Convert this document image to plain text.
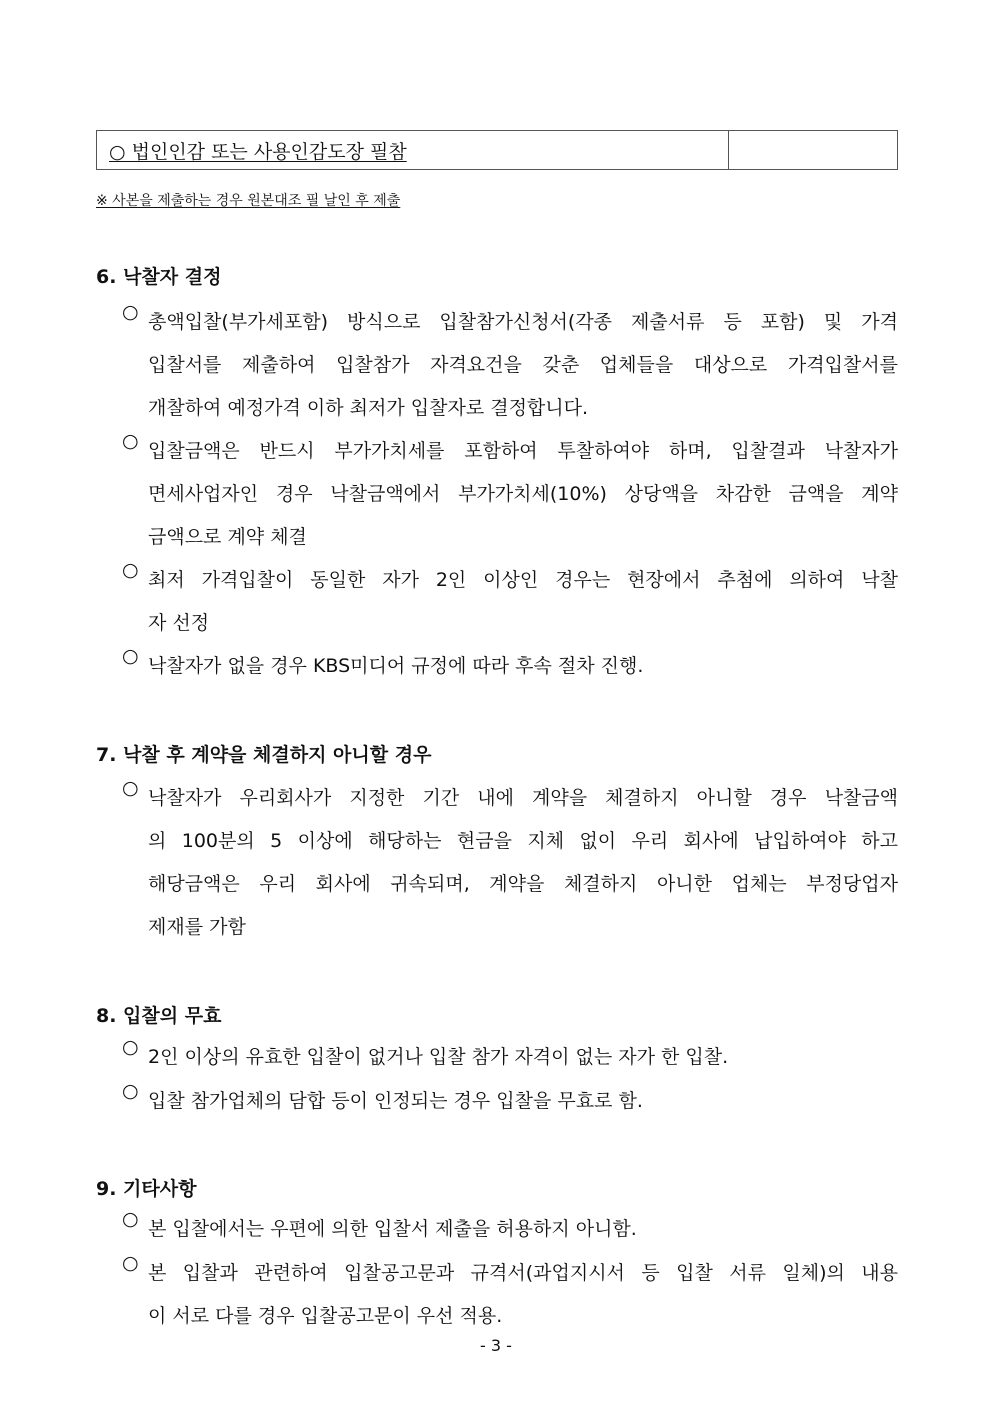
○ 법인인감 또는 사용인감도장 필참
※ 사본을 제출하는 경우 원본대조 필 날인 후 제출
6. 낙찰자 결정
○ 총액입찰(부가세포함) 방식으로 입찰참가신청서(각종 제출서류 등 포함) 및 가격
입찰서를 제출하여 입찰참가 자격요건을 갖춘 업체들을 대상으로 가격입찰서를
개찰하여 예정가격 이하 최저가 입찰자로 결정합니다.
○ 입찰금액은 반드시 부가가치세를 포함하여 투찰하여야 하며, 입찰결과 낙찰자가
면세사업자인 경우 낙찰금액에서 부가가치세(10%) 상당액을 차감한 금액을 계약
금액으로 계약 체결
○ 최저 가격입찰이 동일한 자가 2인 이상인 경우는 현장에서 추첨에 의하여 낙찰
자 선정
○ 낙찰자가 없을 경우 KBS미디어 규정에 따라 후속 절차 진행.
7. 낙찰 후 계약을 체결하지 아니할 경우
○ 낙찰자가 우리회사가 지정한 기간 내에 계약을 체결하지 아니할 경우 낙찰금액
의 100분의 5 이상에 해당하는 현금을 지체 없이 우리 회사에 납입하여야 하고
해당금액은 우리 회사에 귀속되며, 계약을 체결하지 아니한 업체는 부정당업자
제재를 가함
8. 입찰의 무효
○ 2인 이상의 유효한 입찰이 없거나 입찰 참가 자격이 없는 자가 한 입찰.
○ 입찰 참가업체의 담합 등이 인정되는 경우 입찰을 무효로 함.
9. 기타사항
○ 본 입찰에서는 우편에 의한 입찰서 제출을 허용하지 아니함.
○ 본 입찰과 관련하여 입찰공고문과 규격서(과업지시서 등 입찰 서류 일체)의 내용
이 서로 다를 경우 입찰공고문이 우선 적용.
- 3 -
